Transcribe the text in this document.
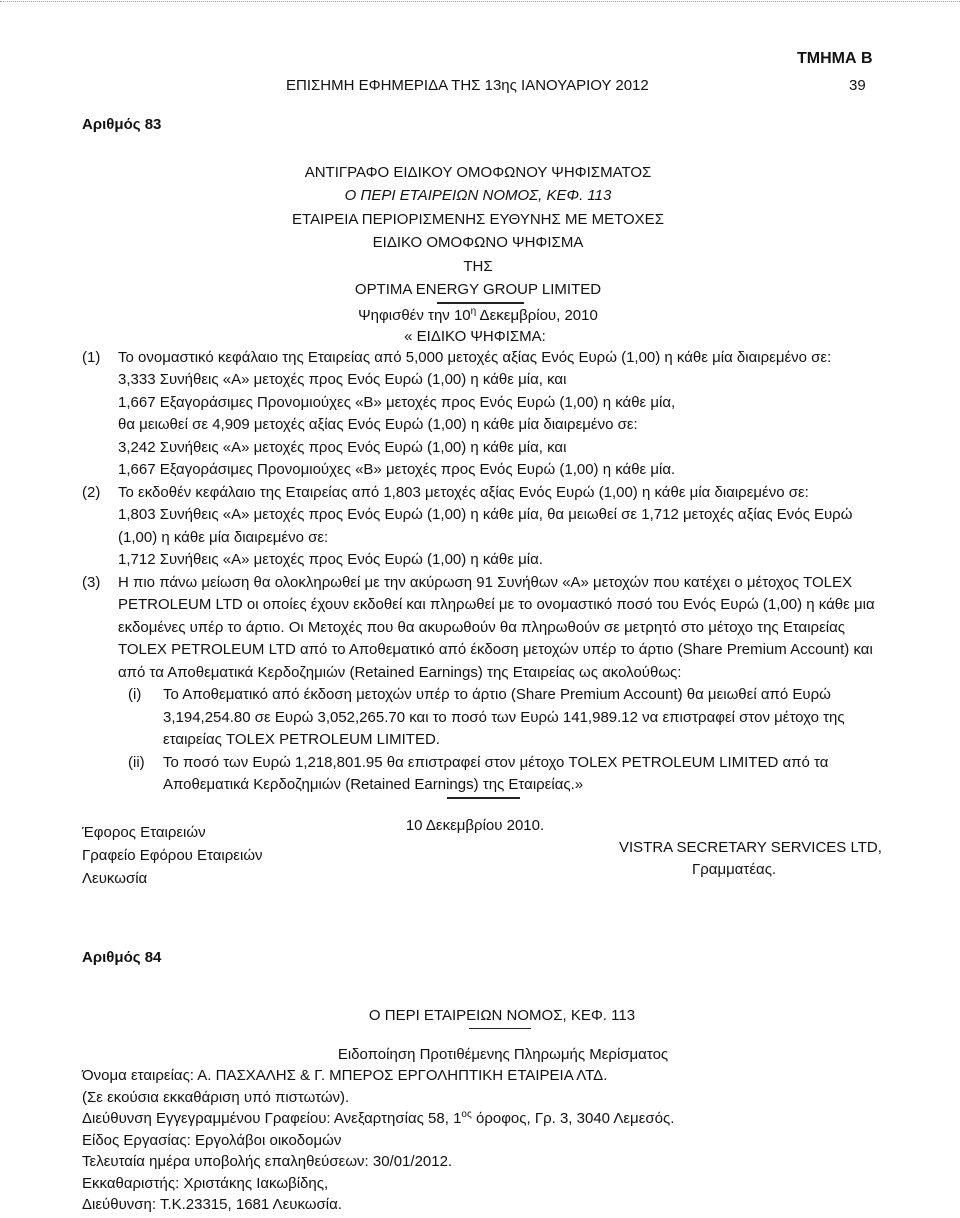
ΤΜΗΜΑ Β
ΕΠΙΣΗΜΗ ΕΦΗΜΕΡΙΔΑ ΤΗΣ 13ης ΙΑΝΟΥΑΡΙΟΥ 2012	39
Αριθμός 83
ΑΝΤΙΓΡΑΦΟ ΕΙΔΙΚΟΥ ΟΜΟΦΩΝΟΥ ΨΗΦΙΣΜΑΤΟΣ
Ο ΠΕΡΙ ΕΤΑΙΡΕΙΩΝ ΝΟΜΟΣ, ΚΕΦ. 113
ΕΤΑΙΡΕΙΑ ΠΕΡΙΟΡΙΣΜΕΝΗΣ ΕΥΘΥΝΗΣ ΜΕ ΜΕΤΟΧΕΣ
ΕΙΔΙΚΟ ΟΜΟΦΩΝΟ ΨΗΦΙΣΜΑ
ΤΗΣ
OPTIMA ENERGY GROUP LIMITED
Ψηφισθέν την $10^\eta$ Δεκεμβρίου, 2010
« ΕΙΔΙΚΟ ΨΗΦΙΣΜΑ:
(1) Το ονομαστικό κεφάλαιο της Εταιρείας από 5,000 μετοχές αξίας Ενός Ευρώ (1,00) η κάθε μία διαιρεμένο σε:
3,333 Συνήθεις «Α» μετοχές προς Ενός Ευρώ (1,00) η κάθε μία, και
1,667 Εξαγοράσιμες Προνομιούχες «Β» μετοχές προς Ενός Ευρώ (1,00) η κάθε μία,
θα μειωθεί σε 4,909 μετοχές αξίας Ενός Ευρώ (1,00) η κάθε μία διαιρεμένο σε:
3,242 Συνήθεις «Α» μετοχές προς Ενός Ευρώ (1,00) η κάθε μία, και
1,667 Εξαγοράσιμες Προνομιούχες «Β» μετοχές προς Ενός Ευρώ (1,00) η κάθε μία.
(2) Το εκδοθέν κεφάλαιο της Εταιρείας από 1,803 μετοχές αξίας Ενός Ευρώ (1,00) η κάθε μία διαιρεμένο σε:
1,803 Συνήθεις «Α» μετοχές προς Ενός Ευρώ (1,00) η κάθε μία, θα μειωθεί σε 1,712 μετοχές αξίας Ενός Ευρώ
(1,00) η κάθε μία διαιρεμένο σε:
1,712 Συνήθεις «Α» μετοχές προς Ενός Ευρώ (1,00) η κάθε μία.
(3) Η πιο πάνω μείωση θα ολοκληρωθεί με την ακύρωση 91 Συνήθων «Α» μετοχών που κατέχει ο μέτοχος TOLEX
PETROLEUM LTD οι οποίες έχουν εκδοθεί και πληρωθεί με το ονομαστικό ποσό του Ενός Ευρώ (1,00) η κάθε μια
εκδομένες υπέρ το άρτιο. Οι Μετοχές που θα ακυρωθούν θα πληρωθούν σε μετρητό στο μέτοχο της Εταιρείας
TOLEX PETROLEUM LTD από το Αποθεματικό από έκδοση μετοχών υπέρ το άρτιο (Share Premium Account) και
από τα Αποθεματικά Κερδοζημιών (Retained Earnings) της Εταιρείας ως ακολούθως:
(i) Το Αποθεματικό από έκδοση μετοχών υπέρ το άρτιο (Share Premium Account) θα μειωθεί από Ευρώ
3,194,254.80 σε Ευρώ 3,052,265.70 και το ποσό των Ευρώ 141,989.12 να επιστραφεί στον μέτοχο της
εταιρείας TOLEX PETROLEUM LIMITED.
(ii) Το ποσό των Ευρώ 1,218,801.95 θα επιστραφεί στον μέτοχο TOLEX PETROLEUM LIMITED από τα
Αποθεματικά Κερδοζημιών (Retained Earnings) της Εταιρείας.»
10 Δεκεμβρίου 2010.
VISTRA SECRETARY SERVICES LTD,
Γραμματέας.
Έφορος Εταιρειών
Γραφείο Εφόρου Εταιρειών
Λευκωσία
Αριθμός 84
Ο ΠΕΡΙ ΕΤΑΙΡΕΙΩΝ ΝΟΜΟΣ, ΚΕΦ. 113
Ειδοποίηση Προτιθέμενης Πληρωμής Μερίσματος
Όνομα εταιρείας: Α. ΠΑΣΧΑΛΗΣ & Γ. ΜΠΕΡΟΣ ΕΡΓΟΛΗΠΤΙΚΗ ΕΤΑΙΡΕΙΑ ΛΤΔ.
(Σε εκούσια εκκαθάριση υπό πιστωτών).
Διεύθυνση Εγγεγραμμένου Γραφείου: Ανεξαρτησίας 58, $1^{o\varsigma}$ όροφος, Γρ. 3, 3040 Λεμεσός.
Είδος Εργασίας: Εργολάβοι οικοδομών
Τελευταία ημέρα υποβολής επαληθεύσεων: 30/01/2012.
Εκκαθαριστής: Χριστάκης Ιακωβίδης,
Διεύθυνση: Τ.Κ.23315, 1681 Λευκωσία.
